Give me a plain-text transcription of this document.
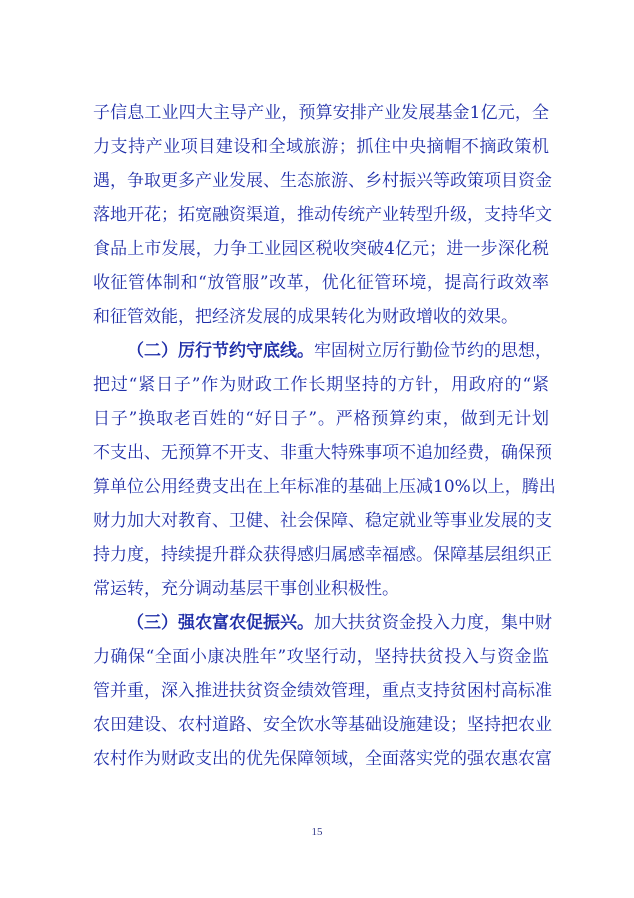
子信息工业四大主导产业，预算安排产业发展基金1亿元，全
力支持产业项目建设和全域旅游；抓住中央摘帽不摘政策机
遇，争取更多产业发展、生态旅游、乡村振兴等政策项目资金
落地开花；拓宽融资渠道，推动传统产业转型升级，支持华文
食品上市发展，力争工业园区税收突破4亿元；进一步深化税
收征管体制和“放管服”改革，优化征管环境，提高行政效率
和征管效能，把经济发展的成果转化为财政增收的效果。
（二）厉行节约守底线。牢固树立厉行勤俭节约的思想，
把过“紧日子”作为财政工作长期坚持的方针，用政府的“紧
日子”换取老百姓的“好日子”。严格预算约束，做到无计划
不支出、无预算不开支、非重大特殊事项不追加经费，确保预
算单位公用经费支出在上年标准的基础上压减10%以上，腾出
财力加大对教育、卫健、社会保障、稳定就业等事业发展的支
持力度，持续提升群众获得感归属感幸福感。保障基层组织正
常运转，充分调动基层干事创业积极性。
（三）强农富农促振兴。加大扶贫资金投入力度，集中财
力确保“全面小康决胜年”攻坚行动，坚持扶贫投入与资金监
管并重，深入推进扶贫资金绩效管理，重点支持贫困村高标准
农田建设、农村道路、安全饮水等基础设施建设；坚持把农业
农村作为财政支出的优先保障领域，全面落实党的强农惠农富
15
